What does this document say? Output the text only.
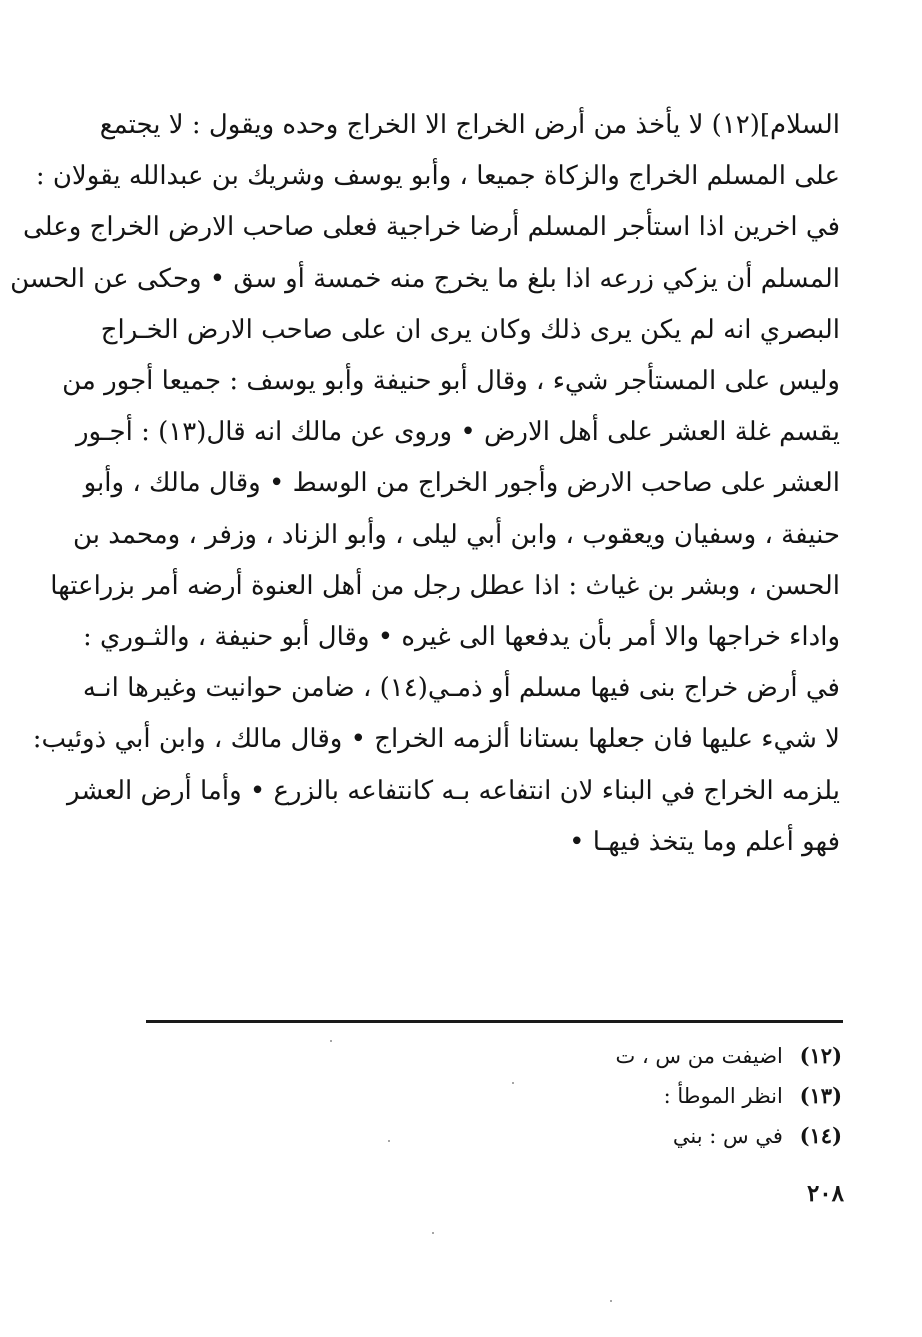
السلام](١٢) لا يأخذ من أرض الخراج الا الخراج وحده ويقول : لا يجتمع
على المسلم الخراج والزكاة جميعا ، وأبو يوسف وشريك بن عبدالله يقولان :
في اخرين اذا استأجر المسلم أرضا خراجية فعلى صاحب الارض الخراج وعلى
المسلم أن يزكي زرعه اذا بلغ ما يخرج منه خمسة أو سق • وحكى عن الحسن
البصري انه لم يكن يرى ذلك وكان يرى ان على صاحب الارض الخـراج
وليس على المستأجر شيء ، وقال أبو حنيفة وأبو يوسف : جميعا أجور من
يقسم غلة العشر على أهل الارض • وروى عن مالك انه قال(١٣) : أجـور
العشر على صاحب الارض وأجور الخراج من الوسط • وقال مالك ، وأبو
حنيفة ، وسفيان ويعقوب ، وابن أبي ليلى ، وأبو الزناد ، وزفر ، ومحمد بن
الحسن ، وبشر بن غياث : اذا عطل رجل من أهل العنوة أرضه أمر بزراعتها
واداء خراجها والا أمر بأن يدفعها الى غيره • وقال أبو حنيفة ، والثـوري :
في أرض خراج بنى فيها مسلم أو ذمـي(١٤) ، ضامن حوانيت وغيرها انـه
لا شيء عليها فان جعلها بستانا ألزمه الخراج • وقال مالك ، وابن أبي ذوئيب:
يلزمه الخراج في البناء لان انتفاعه بـه كانتفاعه بالزرع • وأما أرض العشر
فهو أعلم وما يتخذ فيهـا •
(١٢) اضيفت من س ، ت
(١٣) انظر الموطأ :
(١٤) في س : بني
٢٠٨
